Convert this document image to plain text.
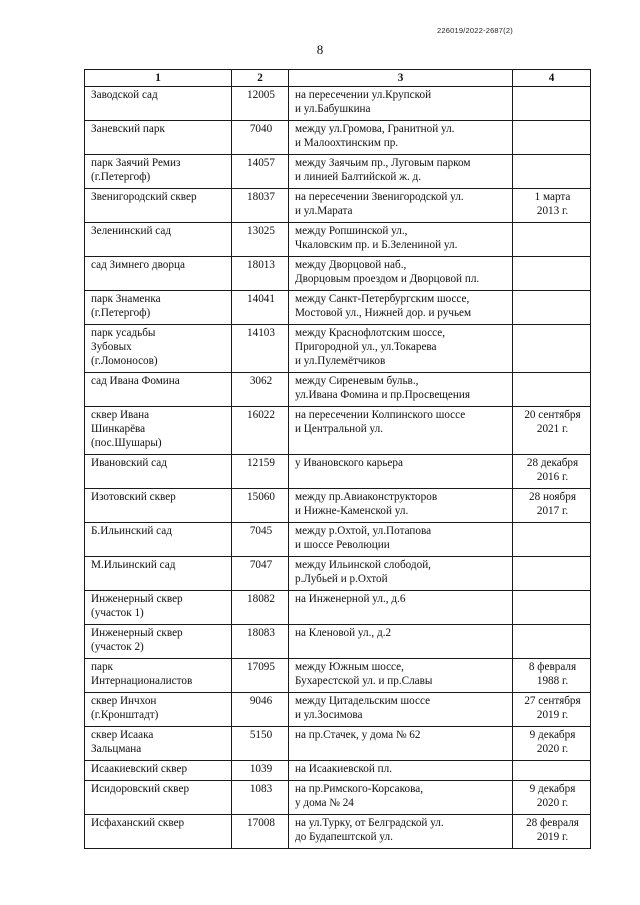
226019/2022-2687(2)
8
1	2	3	4

Заводской сад	12005	на пересечении ул.Крупской
и ул.Бабушкина	

Заневский парк	7040	между ул.Громова, Гранитной ул.
и Малоохтинским пр.	

парк Заячий Ремиз
(г.Петергоф)	14057	между Заячьим пр., Луговым парком
и линией Балтийской ж. д.	

Звенигородский сквер	18037	на пересечении Звенигородской ул.
и ул.Марата	1 марта
2013 г.

Зеленинский сад	13025	между Ропшинской ул.,
Чкаловским пр. и Б.Зелениной ул.	

сад Зимнего дворца	18013	между Дворцовой наб.,
Дворцовым проездом и Дворцовой пл.	

парк Знаменка
(г.Петергоф)	14041	между Санкт-Петербургским шоссе,
Мостовой ул., Нижней дор. и ручьем	

парк усадьбы
Зубовых
(г.Ломоносов)	14103	между Краснофлотским шоссе,
Пригородной ул., ул.Токарева
и ул.Пулемётчиков	

сад Ивана Фомина	3062	между Сиреневым бульв.,
ул.Ивана Фомина и пр.Просвещения	

сквер Ивана
Шинкарёва
(пос.Шушары)	16022	на пересечении Колпинского шоссе
и Центральной ул.	20 сентября
2021 г.

Ивановский сад	12159	у Ивановского карьера	28 декабря
2016 г.

Изотовский сквер	15060	между пр.Авиаконструкторов
и Нижне-Каменской ул.	28 ноября
2017 г.

Б.Ильинский сад	7045	между р.Охтой, ул.Потапова
и шоссе Революции	

М.Ильинский сад	7047	между Ильинской слободой,
р.Лубьей и р.Охтой	

Инженерный сквер
(участок 1)	18082	на Инженерной ул., д.6	

Инженерный сквер
(участок 2)	18083	на Кленовой ул., д.2	

парк
Интернационалистов	17095	между Южным шоссе,
Бухарестской ул. и пр.Славы	8 февраля
1988 г.

сквер Инчхон
(г.Кронштадт)	9046	между Цитадельским шоссе
и ул.Зосимова	27 сентября
2019 г.

сквер Исаака
Зальцмана	5150	на пр.Стачек, у дома № 62	9 декабря
2020 г.

Исаакиевский сквер	1039	на Исаакиевской пл.	

Исидоровский сквер	1083	на пр.Римского-Корсакова,
у дома № 24	9 декабря
2020 г.

Исфаханский сквер	17008	на ул.Турку, от Белградской ул.
до Будапештской ул.	28 февраля
2019 г.
